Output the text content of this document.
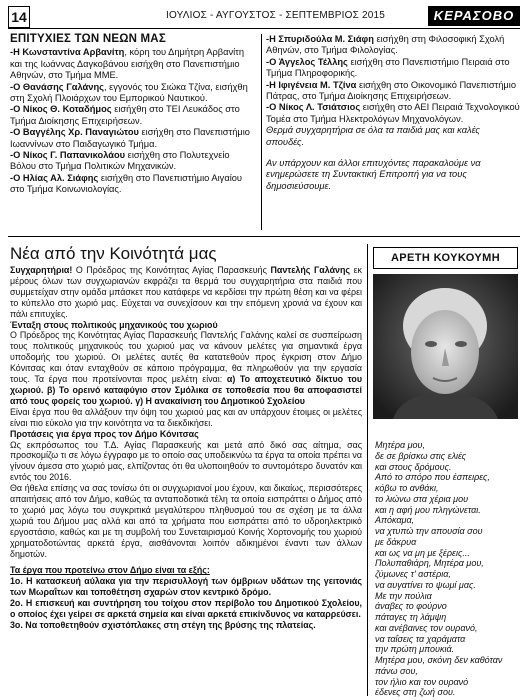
14	ΙΟΥΛΙΟΣ - ΑΥΓΟΥΣΤΟΣ - ΣΕΠΤΕΜΒΡΙΟΣ 2015	ΚΕΡΑΣΟΒΟ
ΕΠΙΤΥΧΙΕΣ ΤΩΝ ΝΕΩΝ ΜΑΣ

-Η Κωνσταντίνα Αρβανίτη, κόρη του Δημήτρη Αρβανίτη και της Ιωάννας Δαγκοβάνου εισήχθη στο Πανεπιστήμιο Αθηνών, στο Τμήμα ΜΜΕ.

-Ο Θανάσης Γαλάνης, εγγονός του Σιώκα Τζίνα, εισήχθη στη Σχολή Πλοιάρχων του Εμπορικού Ναυτικού.

-Ο Νίκος Θ. Κοταδήμος εισήχθη στο ΤΕΙ Λευκάδος στο Τμήμα Διοίκησης Επιχειρήσεων.

-Ο Βαγγέλης Χρ. Παναγιώτου εισήχθη στο Πανεπιστήμιο Ιωαννίνων στο Παιδαγωγικό Τμήμα.

-Ο Νίκος Γ. Παπανικολάου εισήχθη στο Πολυτεχνείο Βόλου στο Τμήμα Πολιτικών Μηχανικών.

-Ο Ηλίας Αλ. Σιάφης εισήχθη στο Πανεπιστήμιο Αιγαίου στο Τμήμα Κοινωνιολογίας.

-Η Σπυριδούλα Μ. Σιάφη εισήχθη στη Φιλοσοφική Σχολή Αθηνών, στο Τμήμα Φιλολογίας.

-Ο Άγγελος Τέλλης εισήχθη στο Πανεπιστήμιο Πειραιά στο Τμήμα Πληροφορικής.

-Η Ιφιγένεια Μ. Τζίνα εισήχθη στο Οικονομικό Πανεπιστήμιο Πάτρας, στο Τμήμα Διοίκησης Επιχειρήσεων.

-Ο Νίκος Λ. Τσιάτσιος εισήχθη στο ΑΕΙ Πειραιά Τεχνολογικού Τομέα στο Τμήμα Ηλεκτρολόγων Μηχανολόγων.

Θερμά συγχαρητήρια σε όλα τα παιδιά μας και καλές σπουδές.

Αν υπάρχουν και άλλοι επιτυχόντες παρακαλούμε να ενημερώσετε τη Συντακτική Επιτροπή για να τους δημοσιεύσουμε.

Νέα από την Κοινότητά μας

Συγχαρητήρια! Ο Πρόεδρος της Κοινότητας Αγίας Παρασκευής Παντελής Γαλάνης εκ μέρους όλων των συγχωριανών εκφράζει τα θερμά του συγχαρητήρια στα παιδιά που συμμετείχαν στην ομάδα μπάσκετ που κατάφερε να κερδίσει την πρώτη θέση και να φέρει το κύπελλο στο χωριό μας. Εύχεται να συνεχίσουν και την επόμενη χρονιά να έχουν και πάλι επιτυχίες.

Ένταξη στους πολιτικούς μηχανικούς του χωριού

Ο Πρόεδρος της Κοινότητας Αγίας Παρασκευής Παντελής Γαλάνης καλεί σε συσπείρωση τους πολιτικούς μηχανικούς του χωριού μας να κάνουν μελέτες για σημαντικά έργα υποδομής του χωριού. Οι μελέτες αυτές θα κατατεθούν προς έγκριση στον Δήμο Κόνιτσας και όταν ενταχθούν σε κάποιο πρόγραμμα, θα πληρωθούν για την εργασία τους. Τα έργα που προτείνονται προς μελέτη είναι: α) Το αποχετευτικό δίκτυο του χωριού. β) Το ορεινό καταφύγιο στον Σμόλικα σε τοποθεσία που θα αποφασιστεί από τους φορείς του χωριού. γ) Η ανακαίνιση του Δημοτικού Σχολείου

Είναι έργα που θα αλλάξουν την όψη του χωριού μας και αν υπάρχουν έτοιμες οι μελέτες είναι πιο εύκολο για την κοινότητα να τα διεκδικήσει.

Προτάσεις για έργα προς τον Δήμο Κόνιτσας

Ως εκπρόσωπος του Τ.Δ. Αγίας Παρασκευής και μετά από δικό σας αίτημα, σας προσκομίζω τι σε λόγω έγγραφο με το οποίο σας υποδεικνύω τα έργα τα οποία πρέπει να γίνουν άμεσα στο χωριό μας, ελπίζοντας ότι θα υλοποιηθούν το συντομότερο δυνατόν και εντός του 2016.

Θα ήθελα επίσης να σας τονίσω ότι οι συγχωριανοί μου έχουν, και δικαίως, περισσότερες απαιτήσεις από τον Δήμο, καθώς τα ανταποδοτικά τέλη τα οποία εισπράττει ο Δήμος από το χωριό μας λόγω του συγκριτικά μεγαλύτερου πληθυσμού του σε σχέση με τα άλλα χωριά του Δήμου μας αλλά και από τα χρήματα που εισπράττει από το υδροηλεκτρικό εργοστάσιο, καθώς και με τη συμβολή του Συνεταιρισμού Κοινής Χορτονομής του χωριού χρηματοδοτώντας αρκετά έργα, αισθάνονται λοιπόν αδικημένοι έναντι των άλλων δημοτών.

Τα έργα που προτείνω στον Δήμο είναι τα εξής:

1ο. Η κατασκευή αύλακα για την περισυλλογή των όμβριων υδάτων της γειτονιάς των Μωραΐτων και τοποθέτηση σχαρών στον κεντρικό δρόμο.

2ο. Η επισκευή και συντήρηση του τοίχου στον περίβολο του Δημοτικού Σχολείου, ο οποίος έχει γείρει σε αρκετά σημεία και είναι αρκετά επικίνδυνος να καταρρεύσει.

3ο. Να τοποθετηθούν σχιστόπλακες στη στέγη της βρύσης της πλατείας.

ΑΡΕΤΗ ΚΟΥΚΟΥΜΗ
Μητέρα μου,
δε σε βρίσκω στις ελιές
και στους δρόμους.
Από το σπόρο που έσπειρες,
κόβω το ανθάκι,
το λιώνω στα χέρια μου
και η αφή μου πληγώνεται.
Απόκαμα,
να χτυπώ την απουσία σου
με δάκρυα
και ως να μη με ξέρεις...
Πολυπαθιάρη, Μητέρα μου,
ζύμωνες τ' αστέρια,
να αυγατίνει το ψωμί μας.
Με την πούλια
άναβες το φούρνο
πάταγες τη λάμψη
και ανέβαινες τον ουρανό,
να ταΐσεις τα χαράματα
την πρώτη μπουκιά.
Μητέρα μου, σκόνη δεν καθόταν
πάνω σου,
τον ήλιο και τον ουρανό
έδενες στη ζωή σου.
